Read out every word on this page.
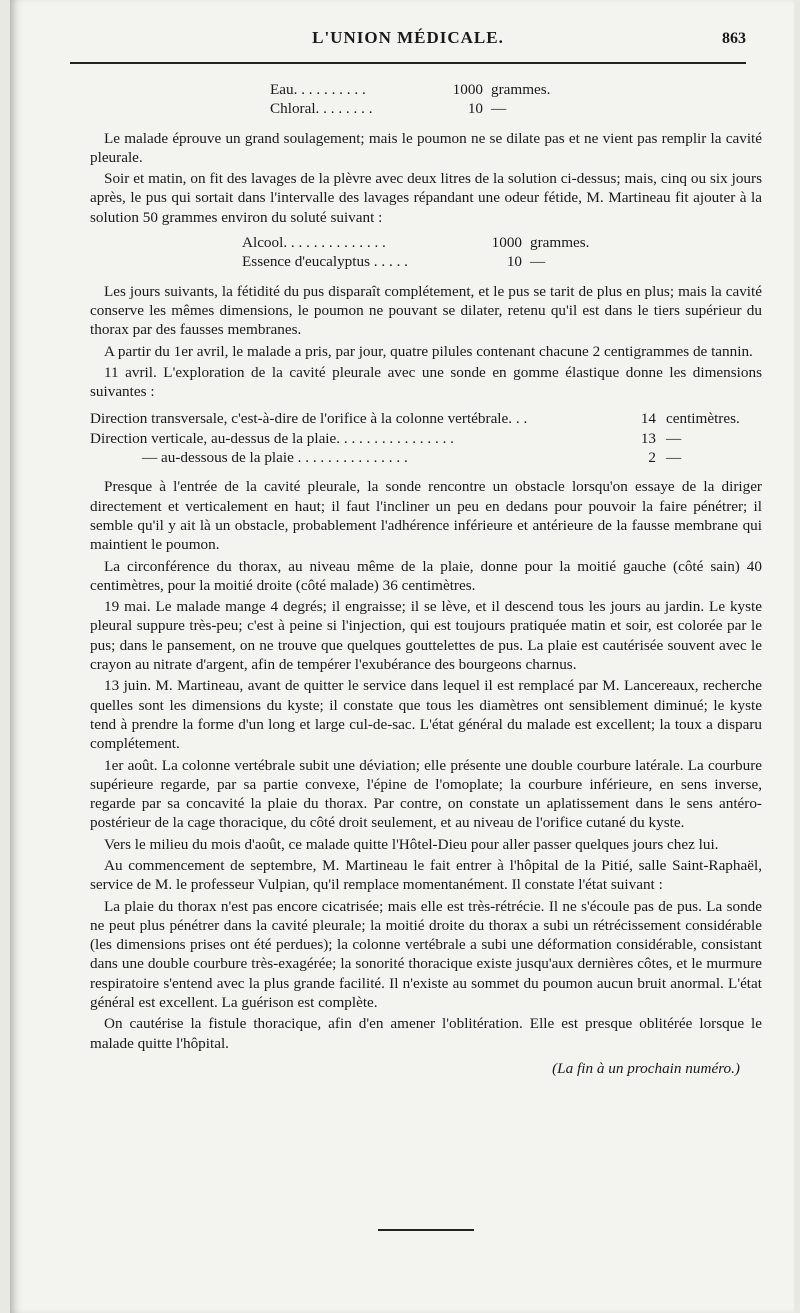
L'UNION MÉDICALE.	863
Eau. . . . . . . . . .	1000 grammes.
Chloral. . . . . . . .	10 —

Le malade éprouve un grand soulagement; mais le poumon ne se dilate pas et ne vient pas remplir la cavité pleurale.

Soir et matin, on fit des lavages de la plèvre avec deux litres de la solution ci-dessus; mais, cinq ou six jours après, le pus qui sortait dans l'intervalle des lavages répandant une odeur fétide, M. Martineau fit ajouter à la solution 50 grammes environ du soluté suivant :

Alcool. . . . . . . . . . . . . .	1000 grammes.
Essence d'eucalyptus . . . . .	10 —

Les jours suivants, la fétidité du pus disparaît complétement, et le pus se tarit de plus en plus; mais la cavité conserve les mêmes dimensions, le poumon ne pouvant se dilater, retenu qu'il est dans le tiers supérieur du thorax par des fausses membranes.

A partir du 1er avril, le malade a pris, par jour, quatre pilules contenant chacune 2 centigrammes de tannin.

11 avril. L'exploration de la cavité pleurale avec une sonde en gomme élastique donne les dimensions suivantes :

Direction transversale, c'est-à-dire de l'orifice à la colonne vertébrale. . .	14 centimètres.
Direction verticale, au-dessus de la plaie. . . . . . . . . . . . . . . .	13 —
— au-dessous de la plaie . . . . . . . . . . . . . . .	2 —

Presque à l'entrée de la cavité pleurale, la sonde rencontre un obstacle lorsqu'on essaye de la diriger directement et verticalement en haut; il faut l'incliner un peu en dedans pour pouvoir la faire pénétrer; il semble qu'il y ait là un obstacle, probablement l'adhérence inférieure et antérieure de la fausse membrane qui maintient le poumon.

La circonférence du thorax, au niveau même de la plaie, donne pour la moitié gauche (côté sain) 40 centimètres, pour la moitié droite (côté malade) 36 centimètres.

19 mai. Le malade mange 4 degrés; il engraisse; il se lève, et il descend tous les jours au jardin. Le kyste pleural suppure très-peu; c'est à peine si l'injection, qui est toujours pratiquée matin et soir, est colorée par le pus; dans le pansement, on ne trouve que quelques gouttelettes de pus. La plaie est cautérisée souvent avec le crayon au nitrate d'argent, afin de tempérer l'exubérance des bourgeons charnus.

13 juin. M. Martineau, avant de quitter le service dans lequel il est remplacé par M. Lancereaux, recherche quelles sont les dimensions du kyste; il constate que tous les diamètres ont sensiblement diminué; le kyste tend à prendre la forme d'un long et large cul-de-sac. L'état général du malade est excellent; la toux a disparu complétement.

1er août. La colonne vertébrale subit une déviation; elle présente une double courbure latérale. La courbure supérieure regarde, par sa partie convexe, l'épine de l'omoplate; la courbure inférieure, en sens inverse, regarde par sa concavité la plaie du thorax. Par contre, on constate un aplatissement dans le sens antéro-postérieur de la cage thoracique, du côté droit seulement, et au niveau de l'orifice cutané du kyste.

Vers le milieu du mois d'août, ce malade quitte l'Hôtel-Dieu pour aller passer quelques jours chez lui.

Au commencement de septembre, M. Martineau le fait entrer à l'hôpital de la Pitié, salle Saint-Raphaël, service de M. le professeur Vulpian, qu'il remplace momentanément. Il constate l'état suivant :

La plaie du thorax n'est pas encore cicatrisée; mais elle est très-rétrécie. Il ne s'écoule pas de pus. La sonde ne peut plus pénétrer dans la cavité pleurale; la moitié droite du thorax a subi un rétrécissement considérable (les dimensions prises ont été perdues); la colonne vertébrale a subi une déformation considérable, consistant dans une double courbure très-exagérée; la sonorité thoracique existe jusqu'aux dernières côtes, et le murmure respiratoire s'entend avec la plus grande facilité. Il n'existe au sommet du poumon aucun bruit anormal. L'état général est excellent. La guérison est complète.

On cautérise la fistule thoracique, afin d'en amener l'oblitération. Elle est presque oblitérée lorsque le malade quitte l'hôpital.

(La fin à un prochain numéro.)
